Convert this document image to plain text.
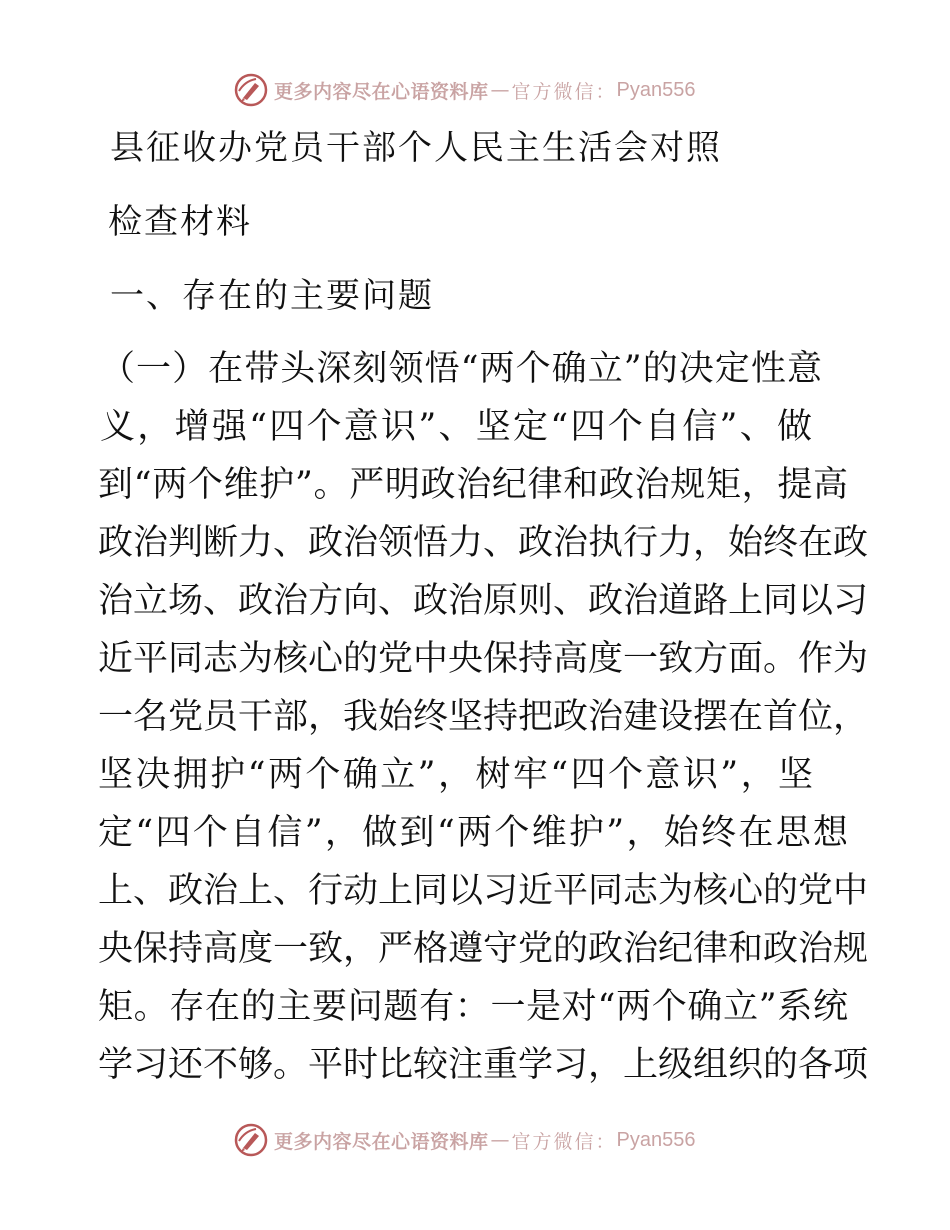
更多内容尽在心语资料库 — 官方微信： Pyan556
县征收办党员干部个人民主生活会对照
检查材料
一、存在的主要问题
（一）在带头深刻领悟“两个确立”的决定性意
义，增强“四个意识”、坚定“四个自信”、做
到“两个维护”。严明政治纪律和政治规矩，提高
政治判断力、政治领悟力、政治执行力，始终在政
治立场、政治方向、政治原则、政治道路上同以习
近平同志为核心的党中央保持高度一致方面。作为
一名党员干部，我始终坚持把政治建设摆在首位，
坚决拥护“两个确立”，树牢“四个意识”，坚
定“四个自信”，做到“两个维护”，始终在思想
上、政治上、行动上同以习近平同志为核心的党中
央保持高度一致，严格遵守党的政治纪律和政治规
矩。存在的主要问题有：一是对“两个确立”系统
学习还不够。平时比较注重学习，上级组织的各项
更多内容尽在心语资料库 — 官方微信： Pyan556
